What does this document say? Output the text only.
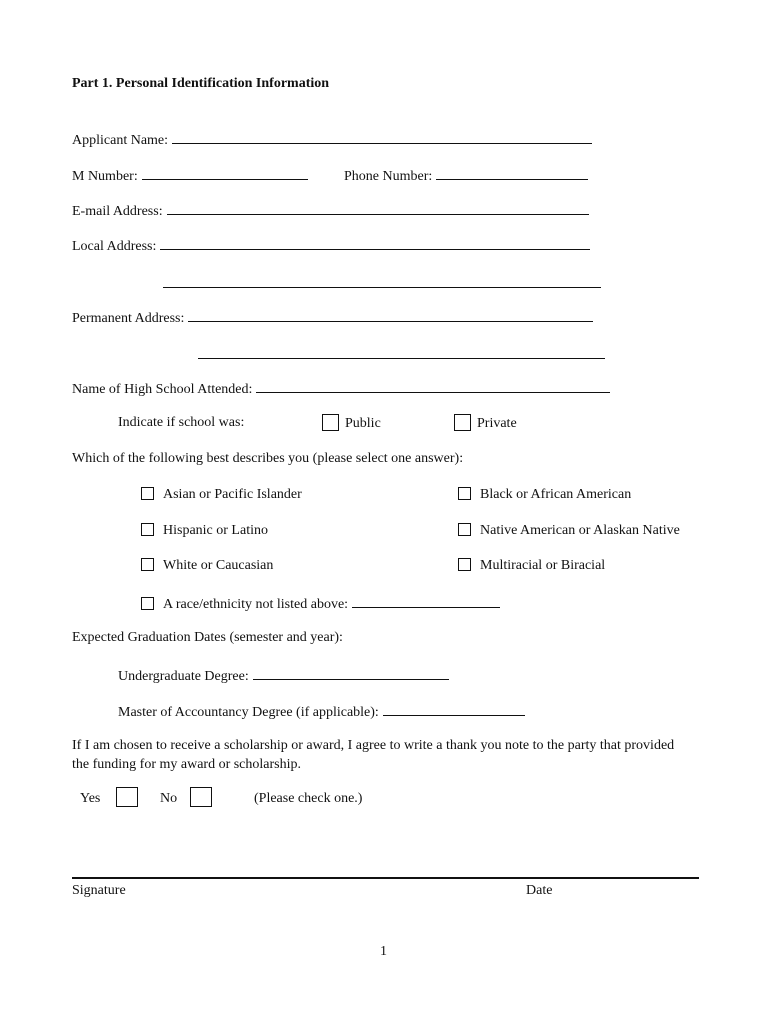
Part 1. Personal Identification Information
Applicant Name:
M Number:	Phone Number:
E-mail Address:
Local Address:
Permanent Address:
Name of High School Attended:
Indicate if school was:	Public	Private
Which of the following best describes you (please select one answer):
Asian or Pacific Islander	Black or African American
Hispanic or Latino	Native American or Alaskan Native
White or Caucasian	Multiracial or Biracial
A race/ethnicity not listed above:
Expected Graduation Dates (semester and year):
Undergraduate Degree:
Master of Accountancy Degree (if applicable):
If I am chosen to receive a scholarship or award, I agree to write a thank you note to the party that provided the funding for my award or scholarship.
Yes	No	(Please check one.)
Signature	Date
1
